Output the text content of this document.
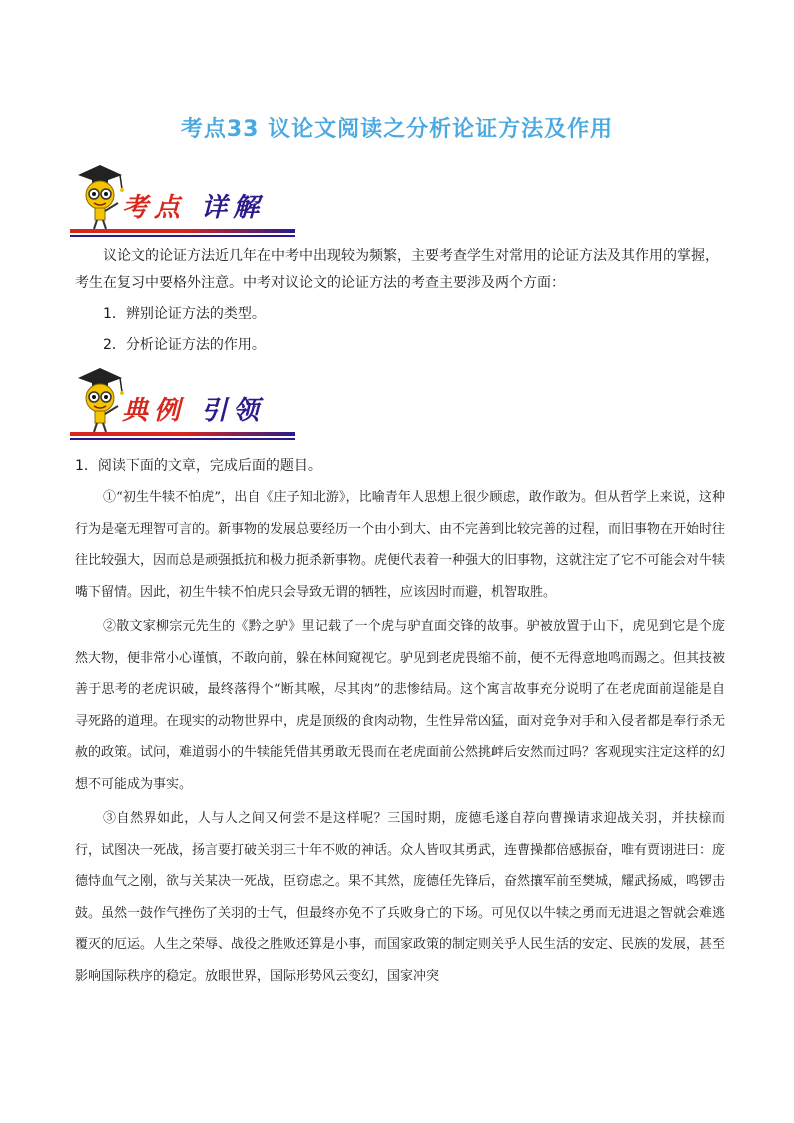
考点33 议论文阅读之分析论证方法及作用
考点 详解

议论文的论证方法近几年在中考中出现较为频繁，主要考查学生对常用的论证方法及其作用的掌握，考生在复习中要格外注意。中考对议论文的论证方法的考查主要涉及两个方面：

1．辨别论证方法的类型。

2．分析论证方法的作用。

典例 引领
1．阅读下面的文章，完成后面的题目。

①“初生牛犊不怕虎”，出自《庄子知北游》，比喻青年人思想上很少顾虑，敢作敢为。但从哲学上来说，这种行为是毫无理智可言的。新事物的发展总要经历一个由小到大、由不完善到比较完善的过程，而旧事物在开始时往往比较强大，因而总是顽强抵抗和极力扼杀新事物。虎便代表着一种强大的旧事物，这就注定了它不可能会对牛犊嘴下留情。因此，初生牛犊不怕虎只会导致无谓的牺牲，应该因时而避，机智取胜。

②散文家柳宗元先生的《黔之驴》里记载了一个虎与驴直面交锋的故事。驴被放置于山下，虎见到它是个庞然大物，便非常小心谨慎，不敢向前，躲在林间窥视它。驴见到老虎畏缩不前，便不无得意地鸣而踢之。但其技被善于思考的老虎识破，最终落得个“断其喉，尽其肉”的悲惨结局。这个寓言故事充分说明了在老虎面前逞能是自寻死路的道理。在现实的动物世界中，虎是顶级的食肉动物，生性异常凶猛，面对竞争对手和入侵者都是奉行杀无赦的政策。试问，难道弱小的牛犊能凭借其勇敢无畏而在老虎面前公然挑衅后安然而过吗？客观现实注定这样的幻想不可能成为事实。

③自然界如此，人与人之间又何尝不是这样呢？三国时期，庞德毛遂自荐向曹操请求迎战关羽，并扶榇而行，试图决一死战，扬言要打破关羽三十年不败的神话。众人皆叹其勇武，连曹操都倍感振奋，唯有贾诩进曰：庞德恃血气之刚，欲与关某决一死战，臣窃虑之。果不其然，庞德任先锋后，奋然攘军前至樊城，耀武扬威，鸣锣击鼓。虽然一鼓作气挫伤了关羽的士气，但最终亦免不了兵败身亡的下场。可见仅以牛犊之勇而无进退之智就会难逃覆灭的厄运。人生之荣辱、战役之胜败还算是小事，而国家政策的制定则关乎人民生活的安定、民族的发展，甚至影响国际秩序的稳定。放眼世界，国际形势风云变幻，国家冲突
